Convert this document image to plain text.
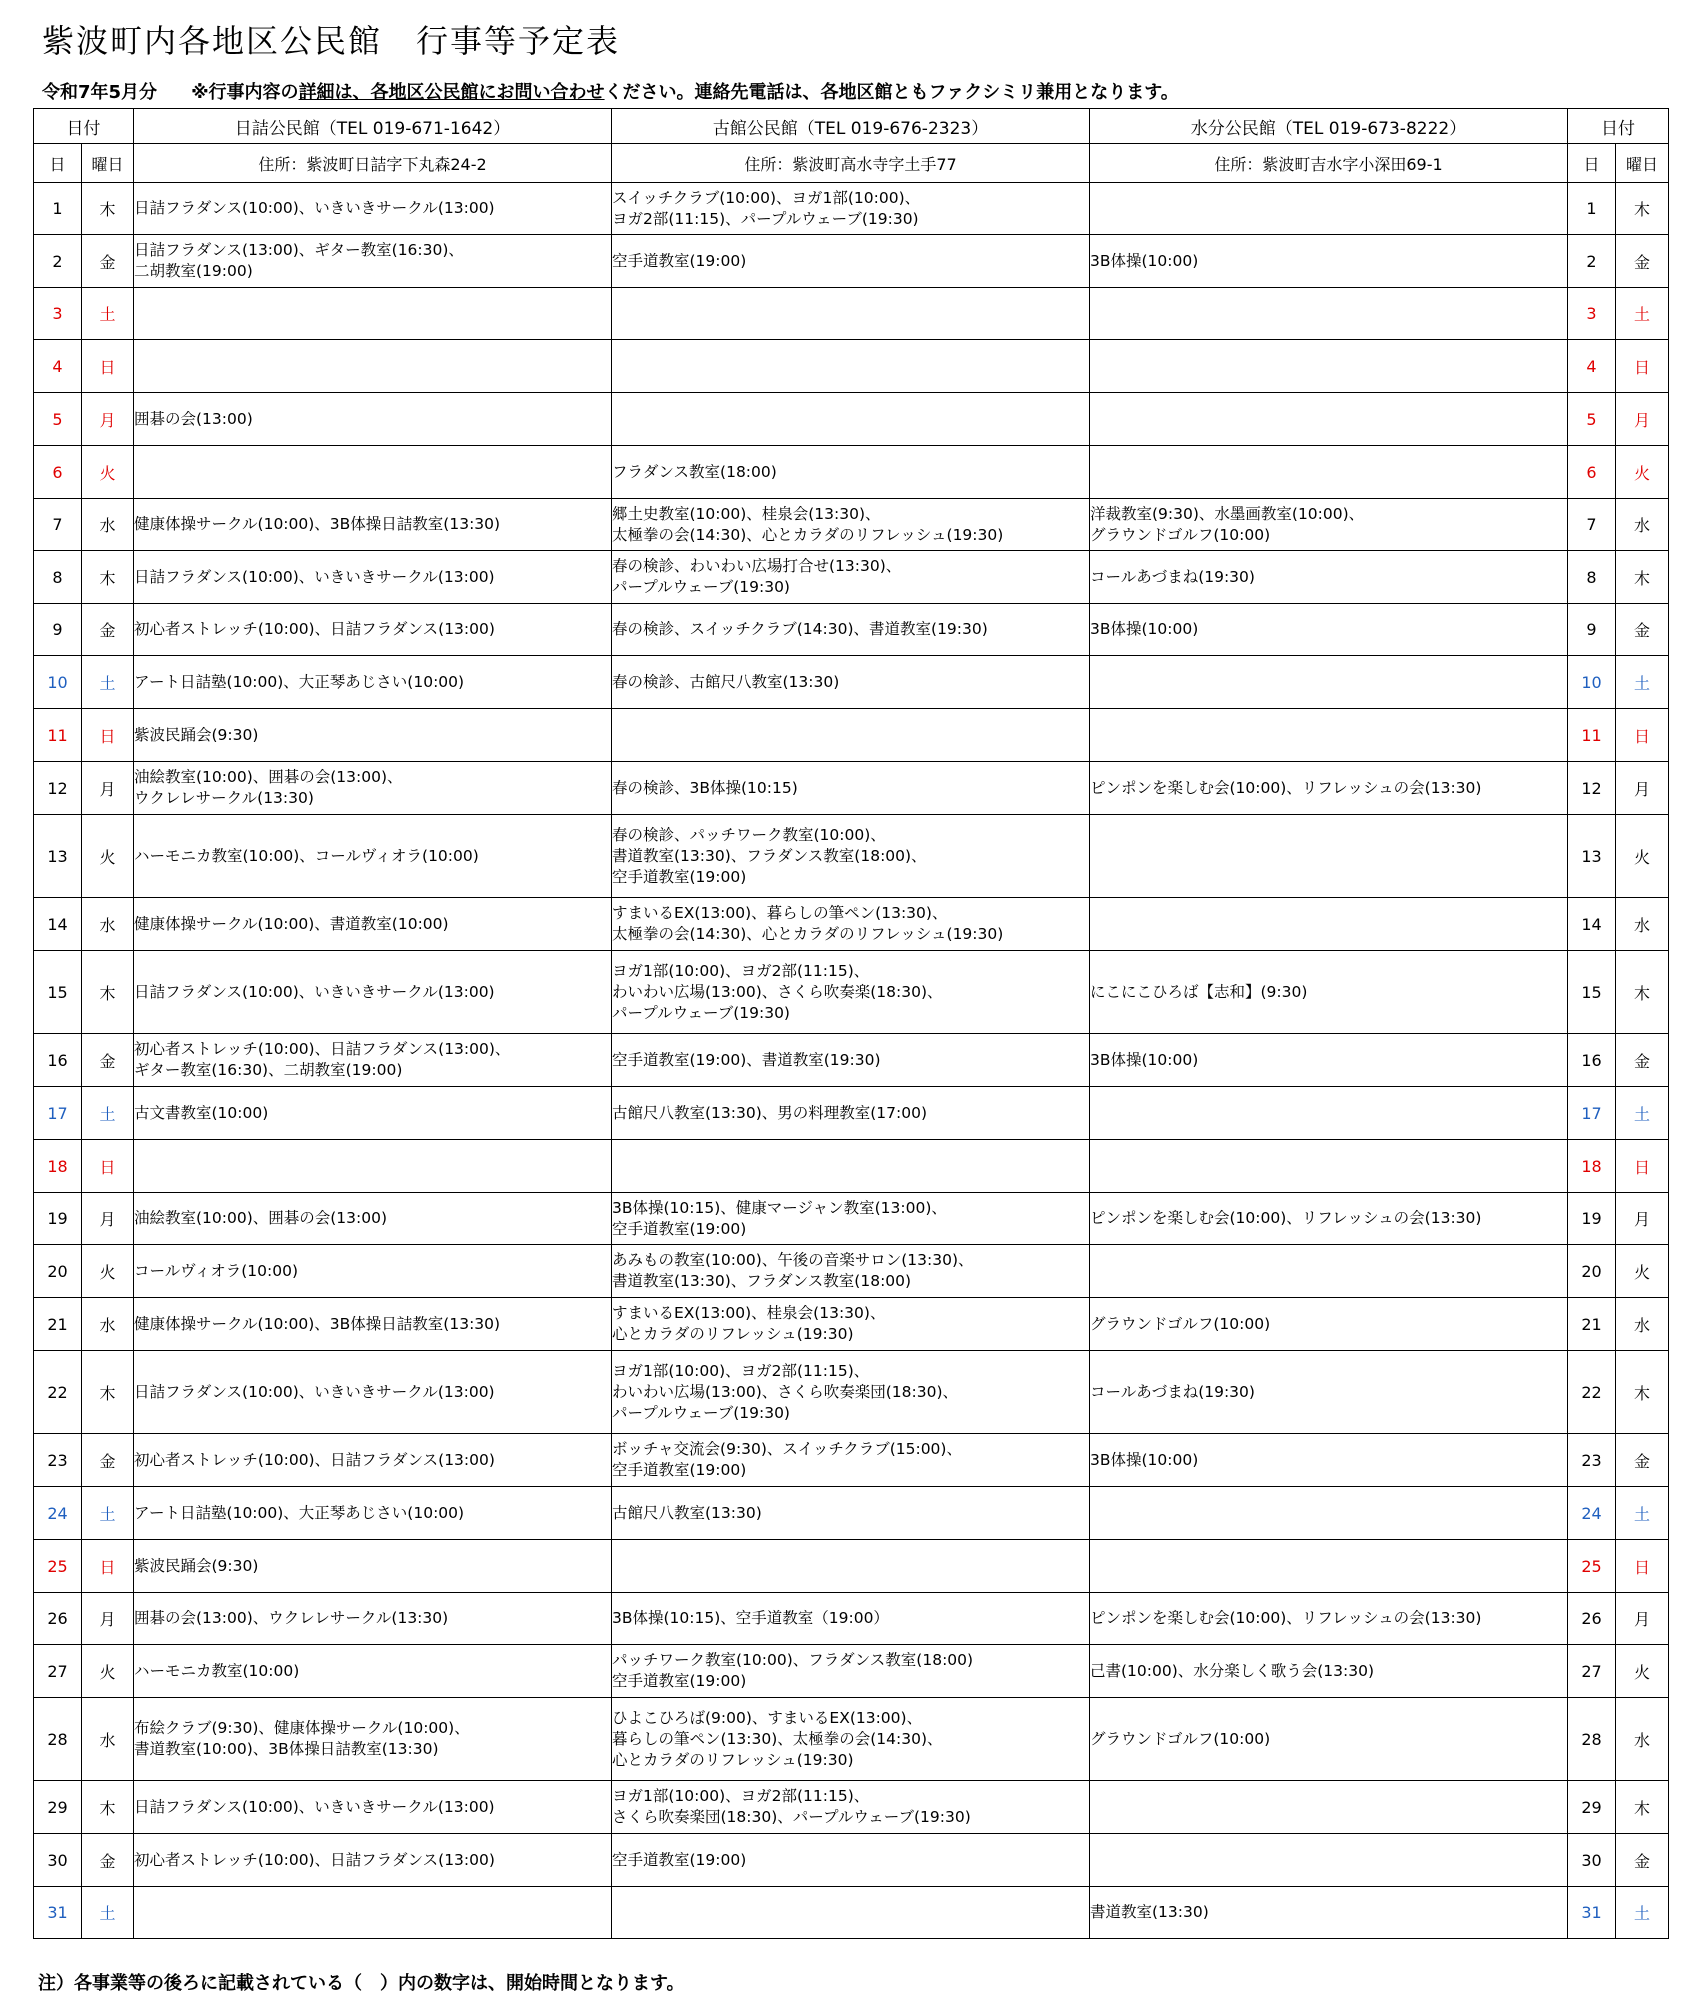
紫波町内各地区公民館　行事等予定表
令和7年5月分 ※行事内容の詳細は、各地区公民館にお問い合わせください。連絡先電話は、各地区館ともファクシミリ兼用となります。
日付		日詰公民館（TEL 019-671-1642）	古館公民館（TEL 019-676-2323）	水分公民館（TEL 019-673-8222）	日付	
日	曜日	住所：紫波町日詰字下丸森24-2	住所：紫波町高水寺字土手77	住所：紫波町吉水字小深田69-1	日	曜日
1	木	日詰フラダンス(10:00)、いきいきサークル(13:00)	スイッチクラブ(10:00)、ヨガ1部(10:00)、
ヨガ2部(11:15)、パープルウェーブ(19:30)		1	木
2	金	日詰フラダンス(13:00)、ギター教室(16:30)、
二胡教室(19:00)	空手道教室(19:00)	3B体操(10:00)	2	金
3	土				3	土
4	日				4	日
5	月	囲碁の会(13:00)			5	月
6	火		フラダンス教室(18:00)		6	火
7	水	健康体操サークル(10:00)、3B体操日詰教室(13:30)	郷土史教室(10:00)、桂泉会(13:30)、
太極拳の会(14:30)、心とカラダのリフレッシュ(19:30)	洋裁教室(9:30)、水墨画教室(10:00)、
グラウンドゴルフ(10:00)	7	水
8	木	日詰フラダンス(10:00)、いきいきサークル(13:00)	春の検診、わいわい広場打合せ(13:30)、
パープルウェーブ(19:30)	コールあづまね(19:30)	8	木
9	金	初心者ストレッチ(10:00)、日詰フラダンス(13:00)	春の検診、スイッチクラブ(14:30)、書道教室(19:30)	3B体操(10:00)	9	金
10	土	アート日詰塾(10:00)、大正琴あじさい(10:00)	春の検診、古館尺八教室(13:30)		10	土
11	日	紫波民踊会(9:30)			11	日
12	月	油絵教室(10:00)、囲碁の会(13:00)、
ウクレレサークル(13:30)	春の検診、3B体操(10:15)	ピンポンを楽しむ会(10:00)、リフレッシュの会(13:30)	12	月
13	火	ハーモニカ教室(10:00)、コールヴィオラ(10:00)	春の検診、パッチワーク教室(10:00)、
書道教室(13:30)、フラダンス教室(18:00)、
空手道教室(19:00)		13	火
14	水	健康体操サークル(10:00)、書道教室(10:00)	すまいるEX(13:00)、暮らしの筆ペン(13:30)、
太極拳の会(14:30)、心とカラダのリフレッシュ(19:30)		14	水
15	木	日詰フラダンス(10:00)、いきいきサークル(13:00)	ヨガ1部(10:00)、ヨガ2部(11:15)、
わいわい広場(13:00)、さくら吹奏楽(18:30)、
パープルウェーブ(19:30)	にこにこひろば【志和】(9:30)	15	木
16	金	初心者ストレッチ(10:00)、日詰フラダンス(13:00)、
ギター教室(16:30)、二胡教室(19:00)	空手道教室(19:00)、書道教室(19:30)	3B体操(10:00)	16	金
17	土	古文書教室(10:00)	古館尺八教室(13:30)、男の料理教室(17:00)		17	土
18	日				18	日
19	月	油絵教室(10:00)、囲碁の会(13:00)	3B体操(10:15)、健康マージャン教室(13:00)、
空手道教室(19:00)	ピンポンを楽しむ会(10:00)、リフレッシュの会(13:30)	19	月
20	火	コールヴィオラ(10:00)	あみもの教室(10:00)、午後の音楽サロン(13:30)、
書道教室(13:30)、フラダンス教室(18:00)		20	火
21	水	健康体操サークル(10:00)、3B体操日詰教室(13:30)	すまいるEX(13:00)、桂泉会(13:30)、
心とカラダのリフレッシュ(19:30)	グラウンドゴルフ(10:00)	21	水
22	木	日詰フラダンス(10:00)、いきいきサークル(13:00)	ヨガ1部(10:00)、ヨガ2部(11:15)、
わいわい広場(13:00)、さくら吹奏楽団(18:30)、
パープルウェーブ(19:30)	コールあづまね(19:30)	22	木
23	金	初心者ストレッチ(10:00)、日詰フラダンス(13:00)	ボッチャ交流会(9:30)、スイッチクラブ(15:00)、
空手道教室(19:00)	3B体操(10:00)	23	金
24	土	アート日詰塾(10:00)、大正琴あじさい(10:00)	古館尺八教室(13:30)		24	土
25	日	紫波民踊会(9:30)			25	日
26	月	囲碁の会(13:00)、ウクレレサークル(13:30)	3B体操(10:15)、空手道教室（19:00）	ピンポンを楽しむ会(10:00)、リフレッシュの会(13:30)	26	月
27	火	ハーモニカ教室(10:00)	パッチワーク教室(10:00)、フラダンス教室(18:00)
空手道教室(19:00)	己書(10:00)、水分楽しく歌う会(13:30)	27	火
28	水	布絵クラブ(9:30)、健康体操サークル(10:00)、
書道教室(10:00)、3B体操日詰教室(13:30)	ひよこひろば(9:00)、すまいるEX(13:00)、
暮らしの筆ペン(13:30)、太極拳の会(14:30)、
心とカラダのリフレッシュ(19:30)	グラウンドゴルフ(10:00)	28	水
29	木	日詰フラダンス(10:00)、いきいきサークル(13:00)	ヨガ1部(10:00)、ヨガ2部(11:15)、
さくら吹奏楽団(18:30)、パープルウェーブ(19:30)		29	木
30	金	初心者ストレッチ(10:00)、日詰フラダンス(13:00)	空手道教室(19:00)		30	金
31	土			書道教室(13:30)	31	土
注）各事業等の後ろに記載されている（　）内の数字は、開始時間となります。
